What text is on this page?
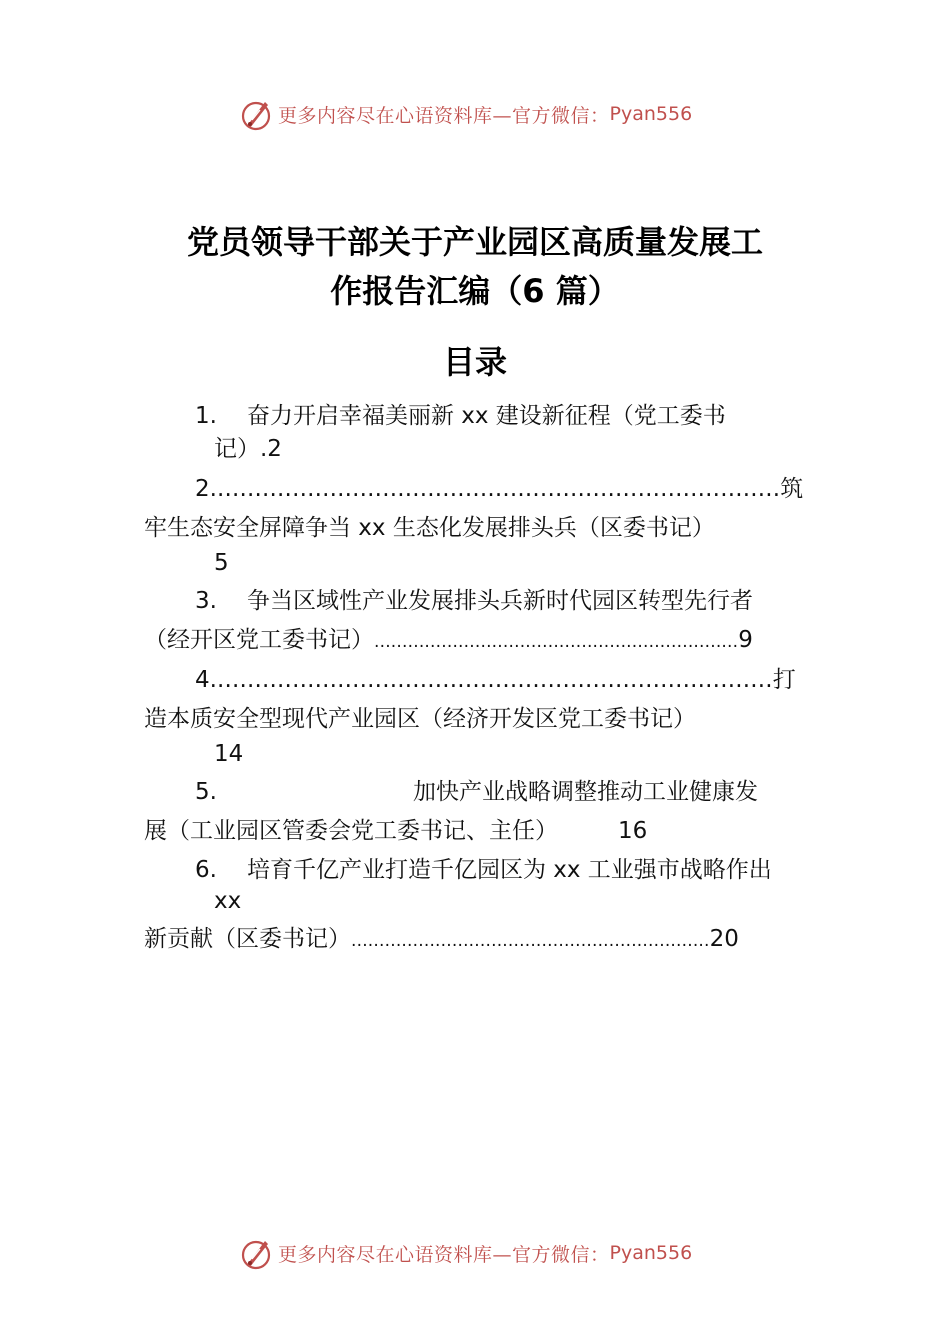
更多内容尽在心语资料库—官方微信： Pyan556
党员领导干部关于产业园区高质量发展工
作报告汇编（6 篇）
目录
1. 奋力开启幸福美丽新 xx 建设新征程（党工委书
记）.2
2............................................................................筑
牢生态安全屏障争当 xx 生态化发展排头兵（区委书记）
5
3. 争当区域性产业发展排头兵新时代园区转型先行者
（经开区党工委书记）.................................................................9
4...........................................................................打
造本质安全型现代产业园区（经济开发区党工委书记）
14
5.	加快产业战略调整推动工业健康发
展（工业园区管委会党工委书记、主任）	16
6. 培育千亿产业打造千亿园区为 xx 工业强市战略作出
xx
新贡献（区委书记）................................................................20
更多内容尽在心语资料库—官方微信： Pyan556
